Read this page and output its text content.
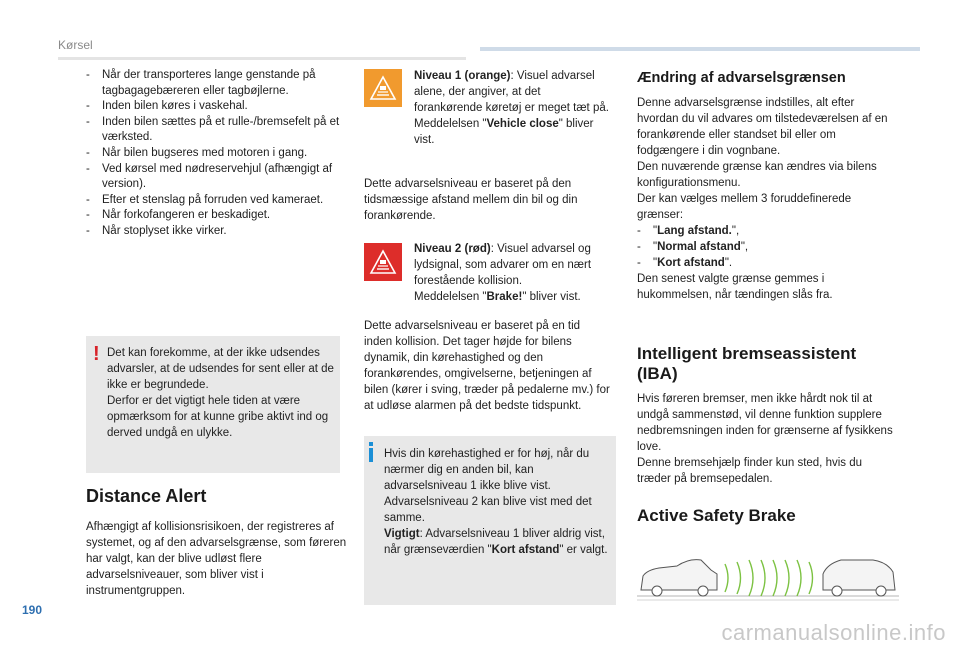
Kørsel
- Når der transporteres lange genstande på tagbagagebæreren eller tagbøjlerne.
- Inden bilen køres i vaskehal.
- Inden bilen sættes på et rulle-/bremsefelt på et værksted.
- Når bilen bugseres med motoren i gang.
- Ved kørsel med nødreservehjul (afhængigt af version).
- Efter et stenslag på forruden ved kameraet.
- Når forkofangeren er beskadiget.
- Når stoplyset ikke virker.
! Det kan forekomme, at der ikke udsendes advarsler, at de udsendes for sent eller at de ikke er begrundede.

Derfor er det vigtigt hele tiden at være opmærksom for at kunne gribe aktivt ind og derved undgå en ulykke.

Distance Alert

Afhængigt af kollisionsrisikoen, der registreres af systemet, og af den advarselsgrænse, som føreren har valgt, kan der blive udløst flere advarselsniveauer, som bliver vist i instrumentgruppen.

Niveau 1 (orange): Visuel advarsel alene, der angiver, at det forankørende køretøj er meget tæt på.
Meddelelsen "Vehicle close" bliver vist.

Dette advarselsniveau er baseret på den tidsmæssige afstand mellem din bil og din forankørende.

Niveau 2 (rød): Visuel advarsel og lydsignal, som advarer om en nært forestående kollision.
Meddelelsen "Brake!" bliver vist.

Dette advarselsniveau er baseret på en tid inden kollision. Det tager højde for bilens dynamik, din kørehastighed og den forankørendes, omgivelserne, betjeningen af bilen (kører i sving, træder på pedalerne mv.) for at udløse alarmen på det bedste tidspunkt.

Hvis din kørehastighed er for høj, når du nærmer dig en anden bil, kan advarselsniveau 1 ikke blive vist.

Advarselsniveau 2 kan blive vist med det samme.

Vigtigt: Advarselsniveau 1 bliver aldrig vist, når grænseværdien "Kort afstand" er valgt.

Ændring af advarselsgrænsen

Denne advarselsgrænse indstilles, alt efter hvordan du vil advares om tilstedeværelsen af en forankørende eller standset bil eller om fodgængere i din vognbane.

Den nuværende grænse kan ændres via bilens konfigurationsmenu.

Der kan vælges mellem 3 foruddefinerede grænser:

- "Lang afstand.",
- "Normal afstand",
- "Kort afstand".

Den senest valgte grænse gemmes i hukommelsen, når tændingen slås fra.

Intelligent bremseassistent (IBA)

Hvis føreren bremser, men ikke hårdt nok til at undgå sammenstød, vil denne funktion supplere nedbremsningen inden for grænserne af fysikkens love.

Denne bremsehjælp finder kun sted, hvis du træder på bremsepedalen.

Active Safety Brake
190
carmanualsonline.info
